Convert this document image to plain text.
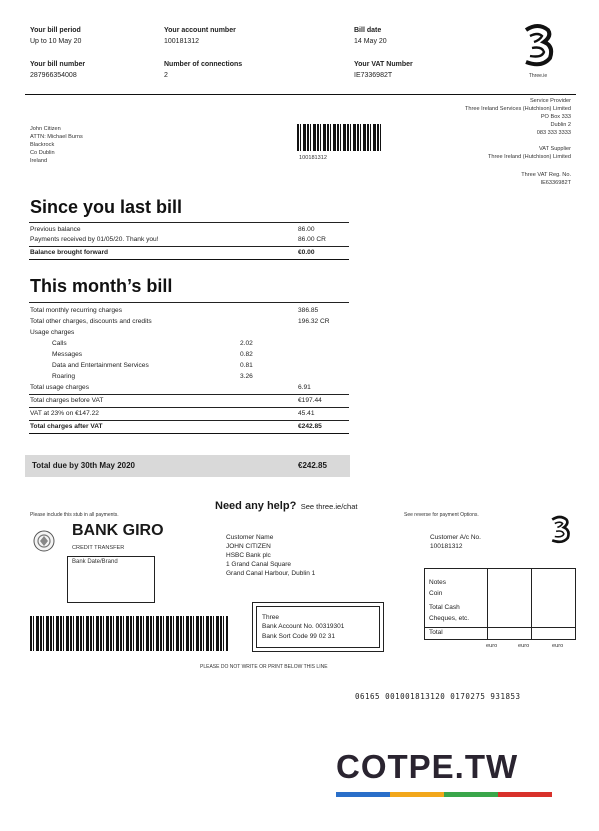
Your bill period
Up to 10 May 20
Your account number
100181312
Bill date
14 May 20
Your bill number
287966354008
Number of connections
2
Your VAT Number
IE7336982T	Three.ie
John Citizen
ATTN: Michael Burns
Blackrock
Co Dublin
Ireland	100181312
Service Provider
Three Ireland Services (Hutchison) Limited
PO Box 333
Dublin 2
083 333 3333
VAT Supplier
Three Ireland (Hutchison) Limited
Three VAT Reg. No.
IE6336982T
Since you last bill
Previous balance	86.00
Payments received by 01/05/20. Thank you!	86.00 CR
Balance brought forward	€0.00
This month’s bill
Total monthly recurring charges	386.85
Total other charges, discounts and credits	196.32 CR
Usage charges
Calls	2.02
Messages	0.82
Data and Entertainment Services	0.81
Roaring	3.26
Total usage charges	6.91
Total charges before VAT	€197.44
VAT at 23% on €147.22	45.41
Total charges after VAT	€242.85
Total due by 30th May 2020	€242.85
Need any help? See three.ie/chat
Please include this stub in all payments.	See reverse for payment Options.
BANK GIRO
CREDIT TRANSFER
Bank Date/Brand
Customer Name
JOHN CITIZEN
HSBC Bank plc
1 Grand Canal Square
Grand Canal Harbour, Dublin 1
Customer A/c No.
100181312
Notes
Coin
Total Cash
Cheques, etc.
Total
euro	euro	euro
Three
Bank Account No. 00319301
Bank Sort Code 99 02 31
PLEASE DO NOT WRITE OR PRINT BELOW THIS LINE
06165 001001813120 0170275 931853
COTPE.TW
